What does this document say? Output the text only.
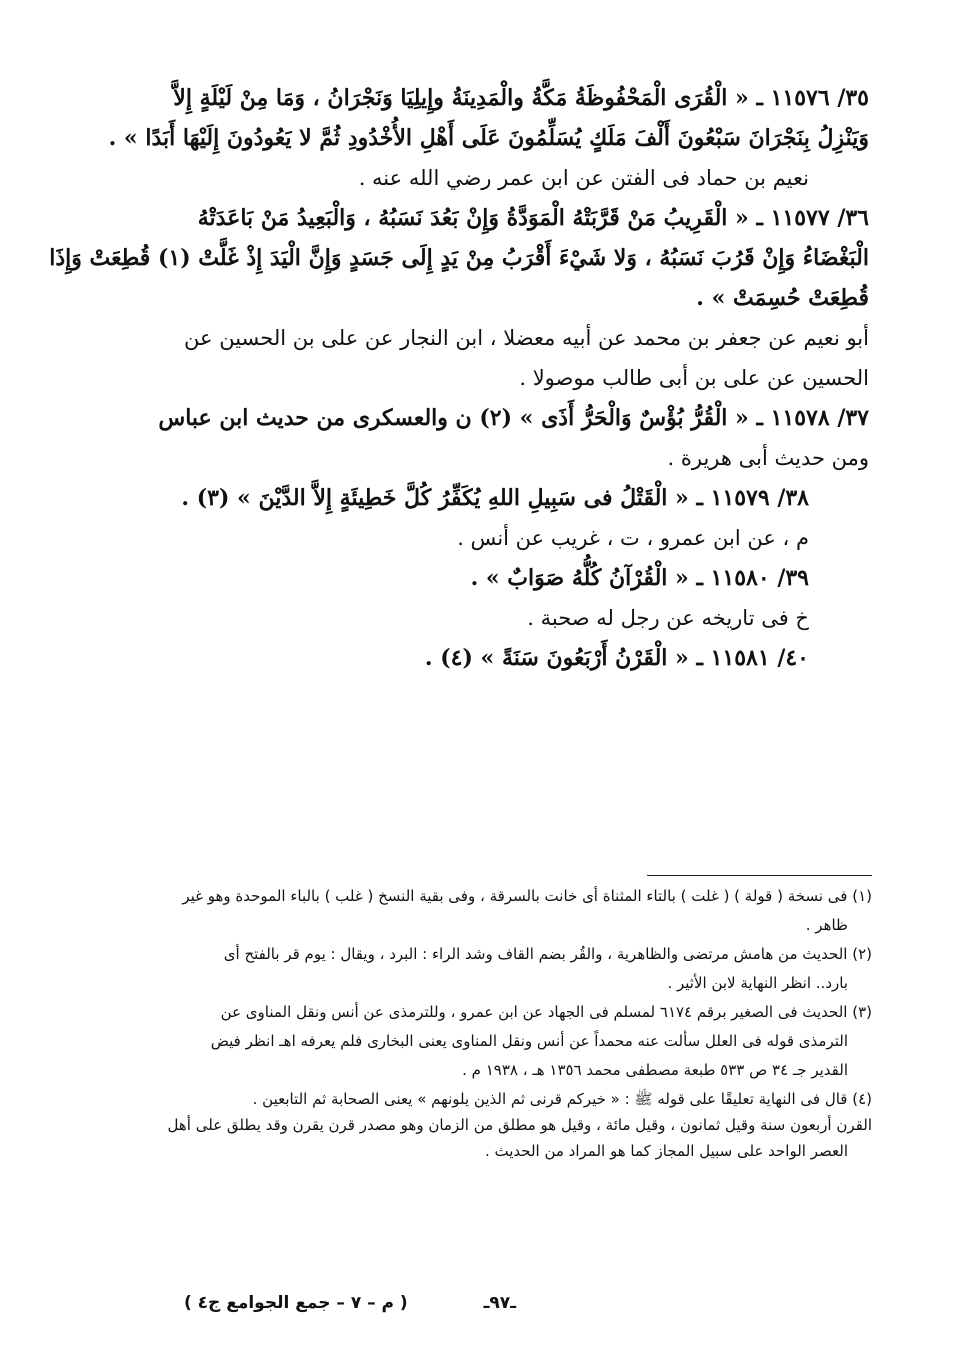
٣٥/ ١١٥٧٦ ـ « الْقُرَى الْمَحْفُوظَةُ مَكَّةُ والْمَدِينَةُ وإِيلِيَا وَنَجْرَانُ ، وَمَا مِنْ لَيْلَةٍ إِلاَّ
وَيَنْزِلُ بِنَجْرَانَ سَبْعُونَ أَلْفَ مَلَكٍ يُسَلِّمُونَ عَلَى أَهْلِ الأُخْدُودِ ثُمَّ لا يَعُودُونَ إِلَيْهَا أَبَدًا » .
نعيم بن حماد فى الفتن عن ابن عمر رضي الله عنه .
٣٦/ ١١٥٧٧ ـ « الْقَرِيبُ مَنْ قَرَّبَتْهُ الْمَوَدَّةُ وَإِنْ بَعُدَ نَسَبُهُ ، وَالْبَعِيدُ مَنْ بَاعَدَتْهُ
الْبَغْضَاءُ وَإِنْ قَرُبَ نَسَبُهُ ، وَلا شَيْءَ أَقْرَبُ مِنْ يَدٍ إِلَى جَسَدٍ وَإِنَّ الْيَدَ إِذْ غَلَّتْ (١) قُطِعَتْ وَإِذَا
قُطِعَتْ حُسِمَتْ » .
أبو نعيم عن جعفر بن محمد عن أبيه معضلا ، ابن النجار عن على بن الحسين عن
الحسين عن على بن أبى طالب موصولا .
٣٧/ ١١٥٧٨ ـ « الْقُرُّ بُؤْسٌ وَالْحَرُّ أَذَى » (٢) ن والعسكرى من حديث ابن عباس
ومن حديث أبى هريرة .
٣٨/ ١١٥٧٩ ـ « الْقَتْلُ فى سَبِيلِ اللهِ يُكَفِّرُ كُلَّ خَطِيئَةٍ إِلاَّ الدَّيْنَ » (٣) .
م ، عن ابن عمرو ، ت ، غريب عن أنس .
٣٩/ ١١٥٨٠ ـ « الْقُرْآنُ كُلُّهُ صَوَابٌ » .
خ فى تاريخه عن رجل له صحبة .
٤٠/ ١١٥٨١ ـ « الْقَرْنُ أَرْبَعُونَ سَنَةً » (٤) .
(١) فى نسخة ( قولة ) ( غلت ) بالتاء المثناة أى خانت بالسرقة ، وفى بقية النسخ ( غلب ) بالباء الموحدة وهو غير
ظاهر .
(٢) الحديث من هامش مرتضى والظاهرية ، والقُر بضم القاف وشد الراء : البرد ، ويقال : يوم قر بالفتح أى
بارد.. انظر النهاية لابن الأثير .
(٣) الحديث فى الصغير برقم ٦١٧٤ لمسلم فى الجهاد عن ابن عمرو ، وللترمذى عن أنس ونقل المناوى عن
الترمذى قوله فى العلل سألت عنه محمداً عن أنس ونقل المناوى يعنى البخارى فلم يعرفه اهـ انظر فيض
القدير جـ ٣٤ ص ٥٣٣ طبعة مصطفى محمد ١٣٥٦ هـ ، ١٩٣٨ م .
(٤) قال فى النهاية تعليقًا على قوله ﷺ : « خيركم قرنى ثم الذين يلونهم » يعنى الصحابة ثم التابعين .
القرن أربعون سنة وقيل ثمانون ، وقيل مائة ، وقيل هو مطلق من الزمان وهو مصدر قرن يقرن وقد يطلق على أهل
العصر الواحد على سبيل المجاز كما هو المراد من الحديث .
ـ٩٧ـ ( م – ٧ – جمع الجوامع ج٤ )
